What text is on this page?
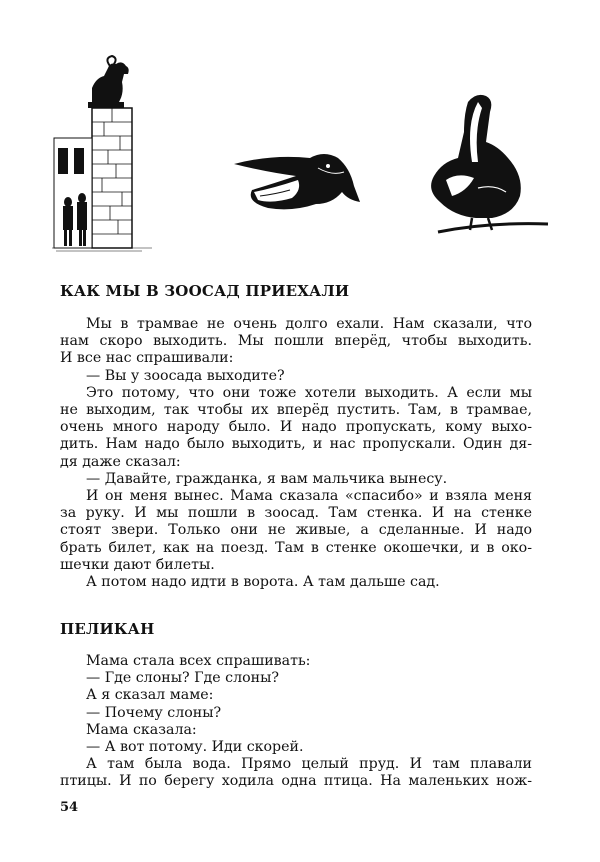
КАК МЫ В ЗООСАД ПРИЕХАЛИ
Мы в трамвае не очень долго ехали. Нам сказали, что
нам скоро выходить. Мы пошли вперёд, чтобы выходить.
И все нас спрашивали:
— Вы у зоосада выходите?
Это потому, что они тоже хотели выходить. А если мы
не выходим, так чтобы их вперёд пустить. Там, в трамвае,
очень много народу было. И надо пропускать, кому выхо-
дить. Нам надо было выходить, и нас пропускали. Один дя-
дя даже сказал:
— Давайте, гражданка, я вам мальчика вынесу.
И он меня вынес. Мама сказала «спасибо» и взяла меня
за руку. И мы пошли в зоосад. Там стенка. И на стенке
стоят звери. Только они не живые, а сделанные. И надо
брать билет, как на поезд. Там в стенке окошечки, и в око-
шечки дают билеты.
А потом надо идти в ворота. А там дальше сад.
ПЕЛИКАН
Мама стала всех спрашивать:
— Где слоны? Где слоны?
А я сказал маме:
— Почему слоны?
Мама сказала:
— А вот потому. Иди скорей.
А там была вода. Прямо целый пруд. И там плавали
птицы. И по берегу ходила одна птица. На маленьких нож-
54
